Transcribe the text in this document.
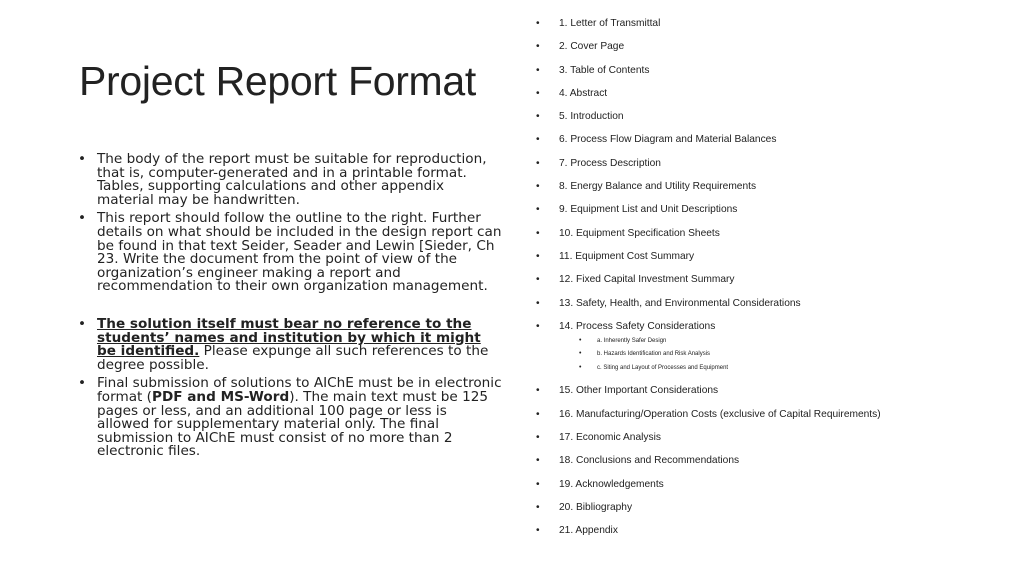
Project Report Format
• The body of the report must be suitable for reproduction, that is, computer-generated and in a printable format. Tables, supporting calculations and other appendix material may be handwritten.
• This report should follow the outline to the right. Further details on what should be included in the design report can be found in that text Seider, Seader and Lewin [Sieder, Ch 23. Write the document from the point of view of the organization’s engineer making a report and recommendation to their own organization management.
• The solution itself must bear no reference to the students’ names and institution by which it might be identified. Please expunge all such references to the degree possible.
• Final submission of solutions to AIChE must be in electronic format (PDF and MS-Word). The main text must be 125 pages or less, and an additional 100 page or less is allowed for supplementary material only. The final submission to AIChE must consist of no more than 2 electronic files.
• 1. Letter of Transmittal
• 2. Cover Page
• 3. Table of Contents
• 4. Abstract
• 5. Introduction
• 6. Process Flow Diagram and Material Balances
• 7. Process Description
• 8. Energy Balance and Utility Requirements
• 9. Equipment List and Unit Descriptions
• 10. Equipment Specification Sheets
• 11. Equipment Cost Summary
• 12. Fixed Capital Investment Summary
• 13. Safety, Health, and Environmental Considerations
• 14. Process Safety Considerations
• a. Inherently Safer Design
• b. Hazards Identification and Risk Analysis
• c. Siting and Layout of Processes and Equipment
• 15. Other Important Considerations
• 16. Manufacturing/Operation Costs (exclusive of Capital Requirements)
• 17. Economic Analysis
• 18. Conclusions and Recommendations
• 19. Acknowledgements
• 20. Bibliography
• 21. Appendix
